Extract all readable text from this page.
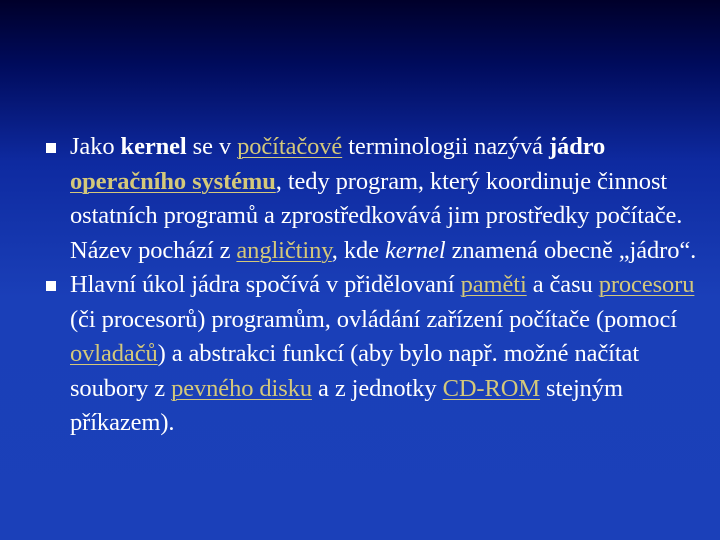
Jako kernel se v počítačové terminologii nazývá jádro operačního systému, tedy program, který koordinuje činnost ostatních programů a zprostředkovává jim prostředky počítače. Název pochází z angličtiny, kde kernel znamená obecně „jádro“.
Hlavní úkol jádra spočívá v přidělovaní paměti a času procesoru (či procesorů) programům, ovládání zařízení počítače (pomocí ovladačů) a abstrakci funkcí (aby bylo např. možné načítat soubory z pevného disku a z jednotky CD-ROM stejným příkazem).
